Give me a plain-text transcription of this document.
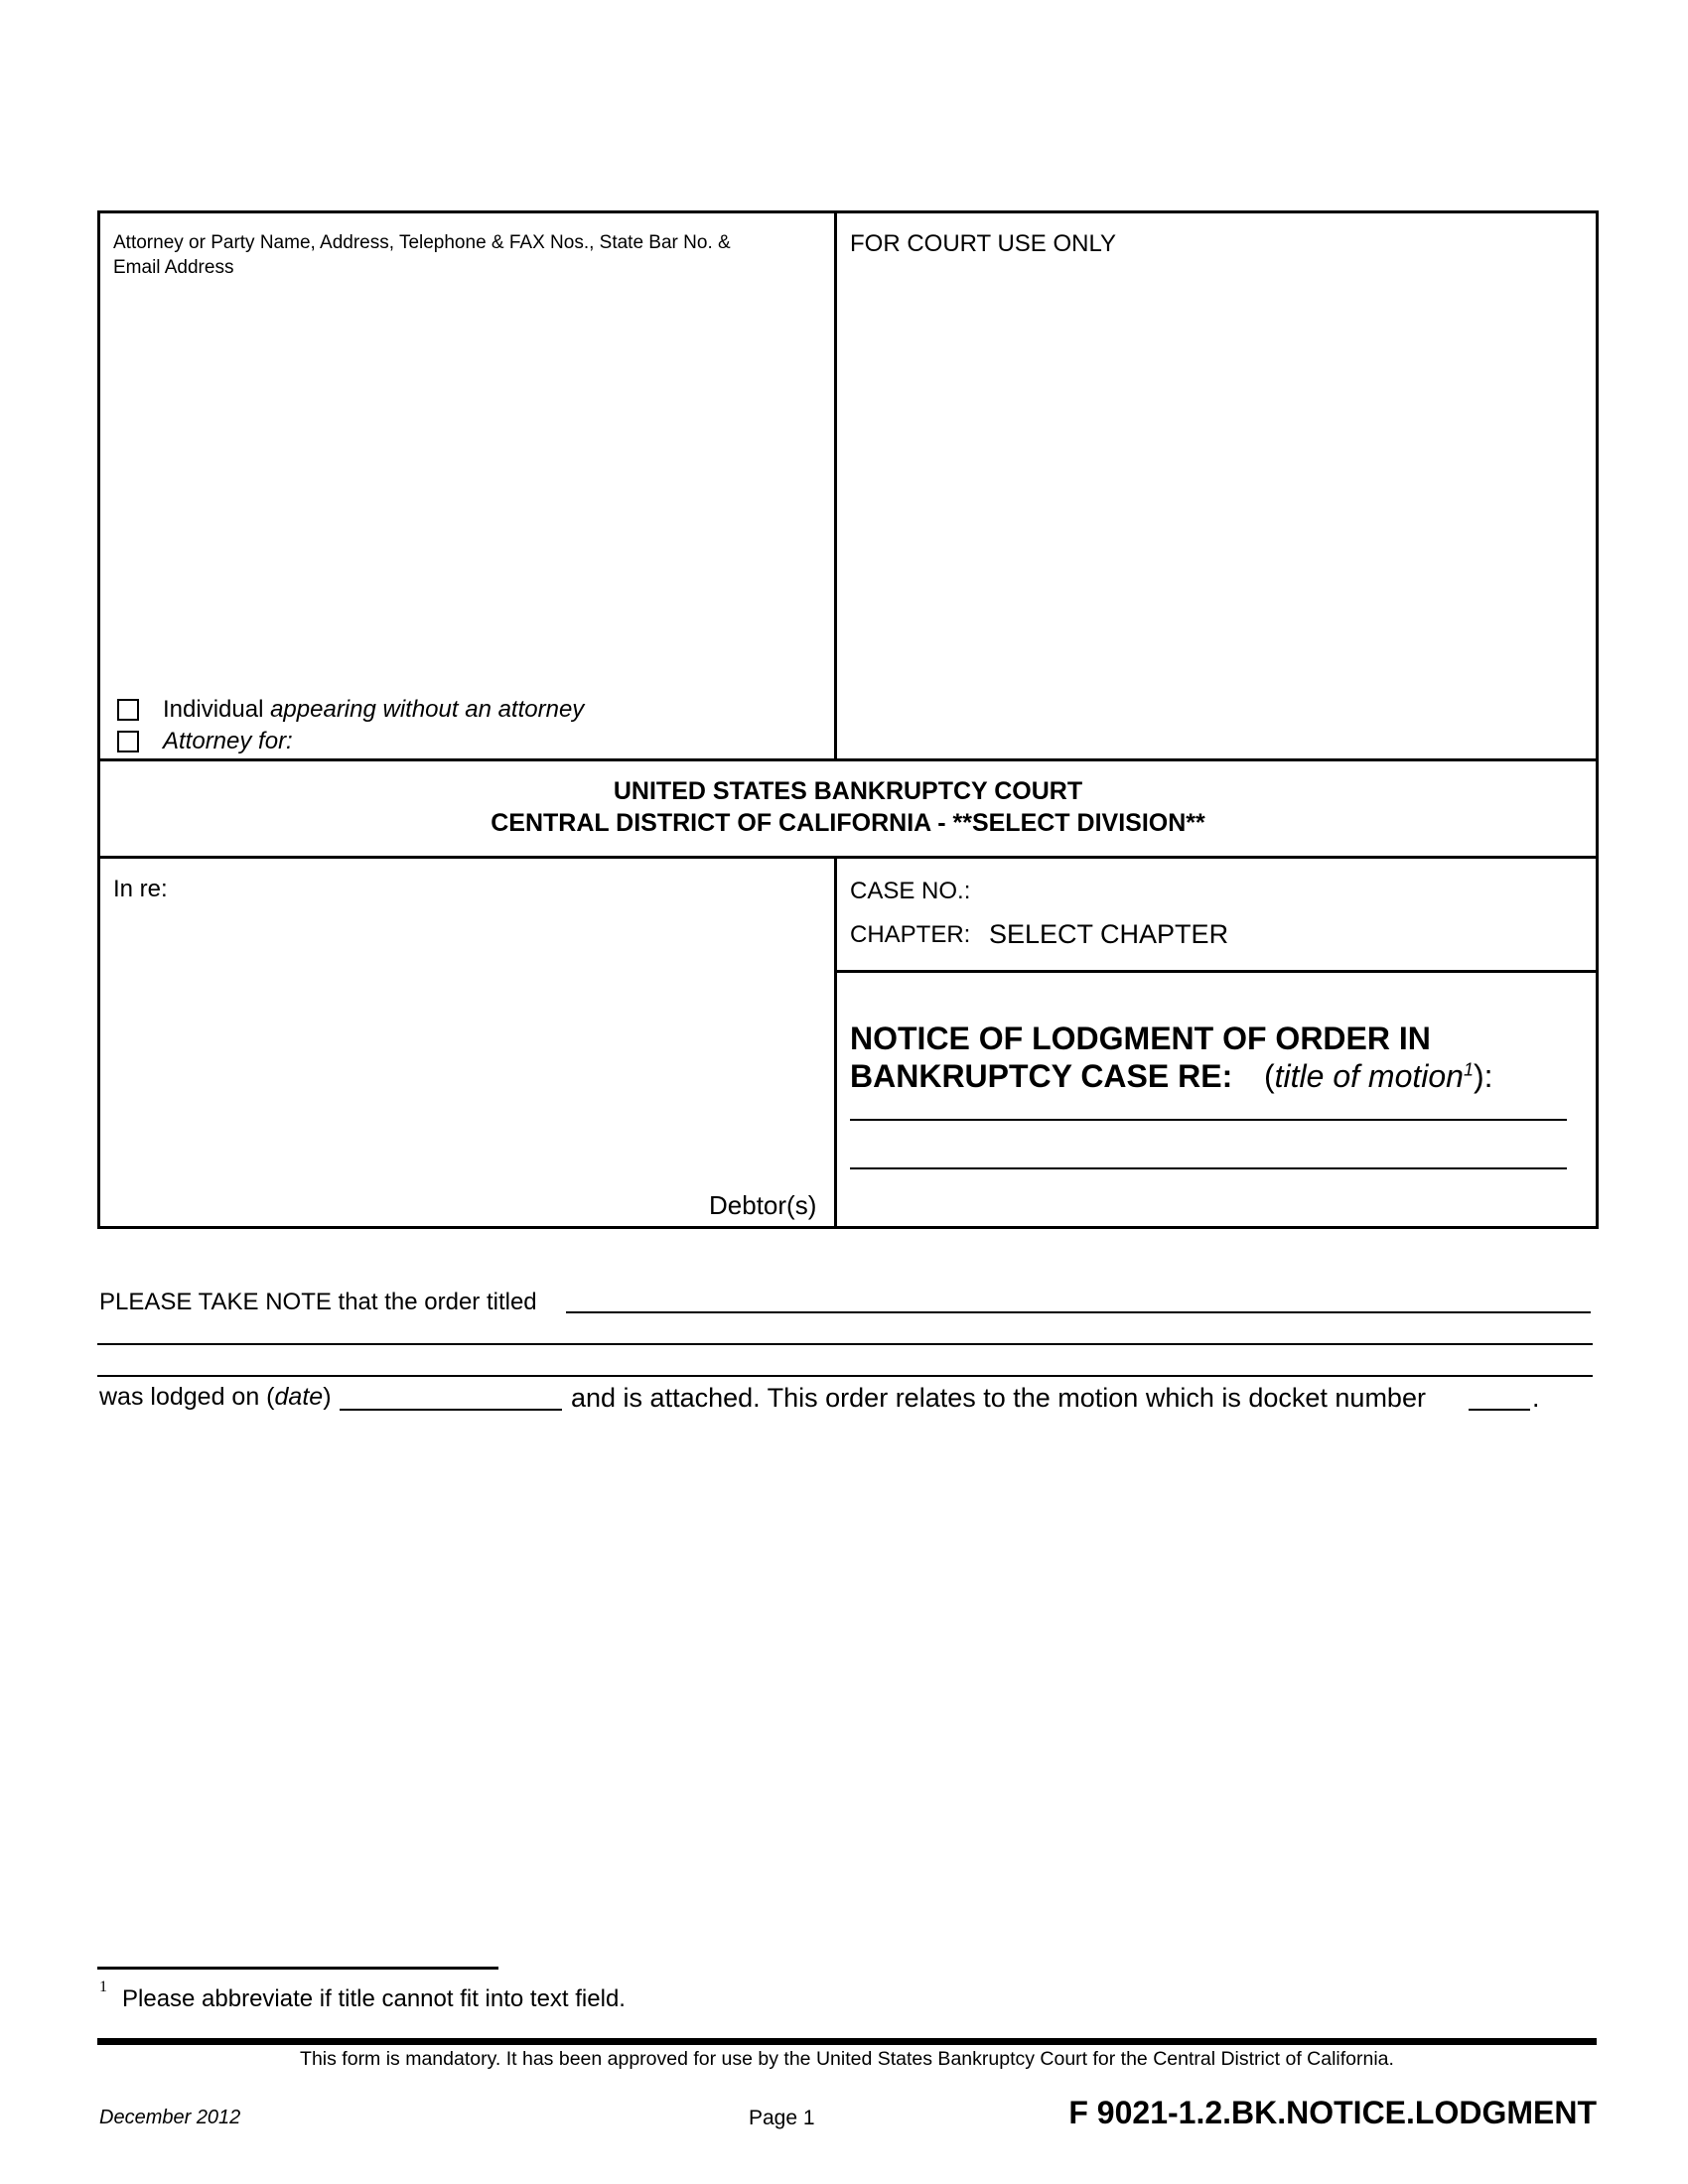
Attorney or Party Name, Address, Telephone & FAX Nos., State Bar No. &
Email Address
Individual appearing without an attorney
Attorney for:
FOR COURT USE ONLY
UNITED STATES BANKRUPTCY COURT
CENTRAL DISTRICT OF CALIFORNIA - **SELECT DIVISION**
In re:
Debtor(s)
CASE NO.:
CHAPTER: SELECT CHAPTER
NOTICE OF LODGMENT OF ORDER IN
BANKRUPTCY CASE RE: (title of motion$^1$):
PLEASE TAKE NOTE that the order titled
was lodged on (date)	and is attached. This order relates to the motion which is docket number	.
1 Please abbreviate if title cannot fit into text field.
This form is mandatory. It has been approved for use by the United States Bankruptcy Court for the Central District of California.
December 2012	Page 1	F 9021-1.2.BK.NOTICE.LODGMENT
